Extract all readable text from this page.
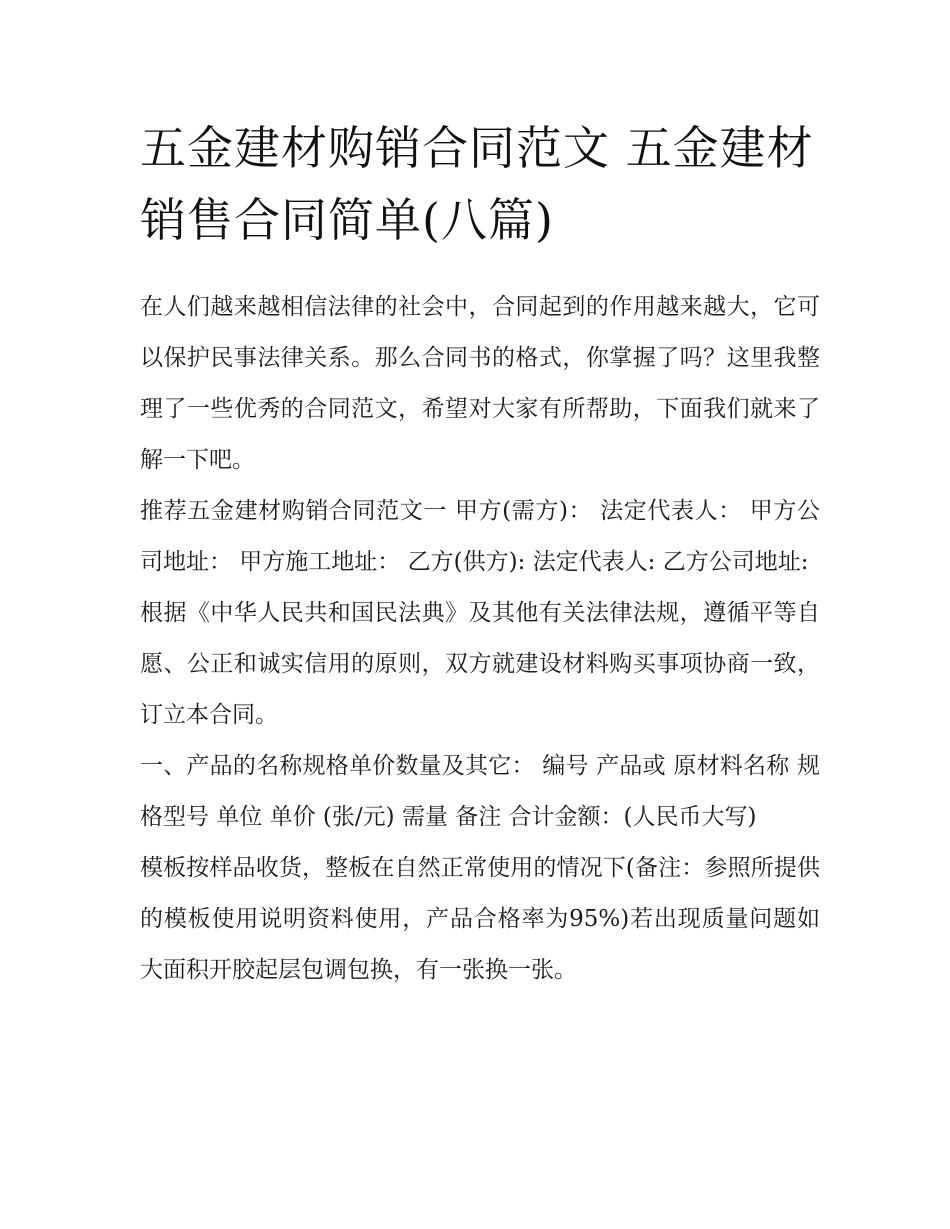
五金建材购销合同范文 五金建材销售合同简单(八篇)

在人们越来越相信法律的社会中，合同起到的作用越来越大，它可以保护民事法律关系。那么合同书的格式，你掌握了吗？这里我整理了一些优秀的合同范文，希望对大家有所帮助，下面我们就来了解一下吧。

推荐五金建材购销合同范文一 甲方(需方)： 法定代表人： 甲方公司地址： 甲方施工地址： 乙方(供方): 法定代表人: 乙方公司地址:

根据《中华人民共和国民法典》及其他有关法律法规，遵循平等自愿、公正和诚实信用的原则，双方就建设材料购买事项协商一致，订立本合同。

一、产品的名称规格单价数量及其它： 编号 产品或 原材料名称 规格型号 单位 单价 (张/元) 需量 备注 合计金额：(人民币大写)

模板按样品收货，整板在自然正常使用的情况下(备注：参照所提供的模板使用说明资料使用，产品合格率为95%)若出现质量问题如大面积开胶起层包调包换，有一张换一张。
